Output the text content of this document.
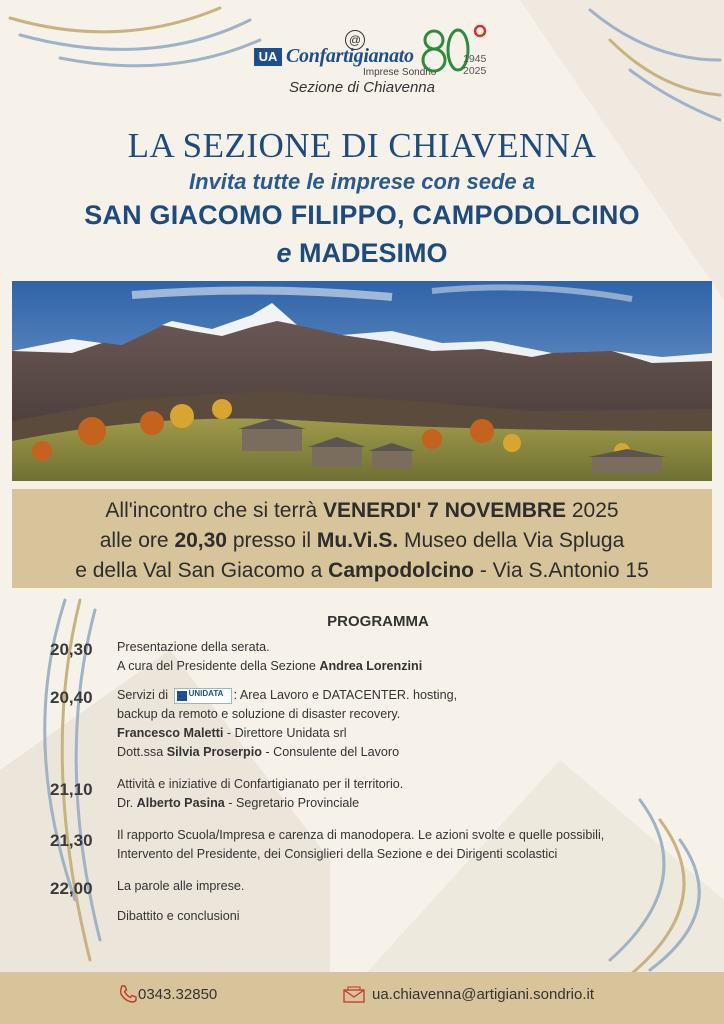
UA
@
Confartigianato
Imprese Sondrio
1945
2025
Sezione di Chiavenna
LA SEZIONE DI CHIAVENNA
Invita tutte le imprese con sede a
SAN GIACOMO FILIPPO, CAMPODOLCINO
e MADESIMO
All'incontro che si terrà VENERDI' 7 NOVEMBRE 2025
alle ore 20,30 presso il Mu.Vi.S. Museo della Via Spluga
e della Val San Giacomo a Campodolcino - Via S.Antonio 15
PROGRAMMA
20,30 Presentazione della serata.
A cura del Presidente della Sezione Andrea Lorenzini
20,40 Servizi di	UNIDATA : Area Lavoro e DATACENTER. hosting,
backup da remoto e soluzione di disaster recovery.
Francesco Maletti - Direttore Unidata srl
Dott.ssa Silvia Proserpio - Consulente del Lavoro
21,10 Attività e iniziative di Confartigianato per il territorio.
Dr. Alberto Pasina - Segretario Provinciale
21,30 Il rapporto Scuola/Impresa e carenza di manodopera. Le azioni svolte e quelle possibili,
Intervento del Presidente, dei Consiglieri della Sezione e dei Dirigenti scolastici
22,00 La parole alle imprese.
Dibattito e conclusioni
0343.32850	ua.chiavenna@artigiani.sondrio.it
